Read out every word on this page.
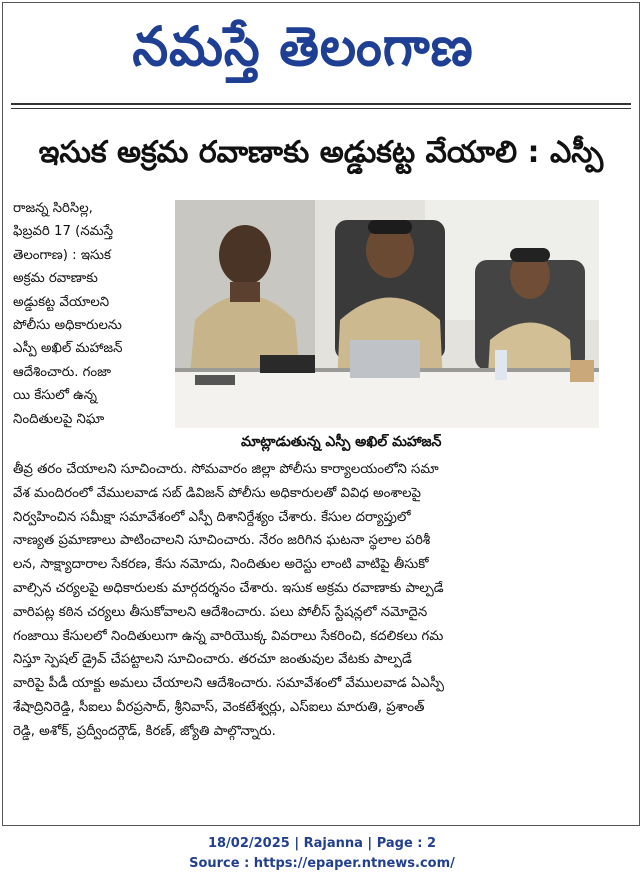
నమస్తే తెలంగాణ
ఇసుక అక్రమ రవాణాకు అడ్డుకట్ట వేయాలి : ఎస్పీ
రాజన్న సిరిసిల్ల,
ఫిబ్రవరి 17 (నమస్తే
తెలంగాణ) : ఇసుక
అక్రమ రవాణాకు
అడ్డుకట్ట వేయాలని
పోలీసు అధికారులను
ఎస్పీ అఖిల్ మహాజన్
ఆదేశించారు. గంజా
యి కేసులో ఉన్న
నిందితులపై నిఘా
మాట్లాడుతున్న ఎస్పీ అఖిల్ మహాజన్
తీవ్ర తరం చేయాలని సూచించారు. సోమవారం జిల్లా పోలీసు కార్యాలయంలోని సమా
వేశ మందిరంలో వేములవాడ సబ్ డివిజన్ పోలీసు అధికారులతో వివిధ అంశాలపై
నిర్వహించిన సమీక్షా సమావేశంలో ఎస్పీ దిశానిర్దేశ్యం చేశారు. కేసుల దర్యాప్తులో
నాణ్యత ప్రమాణాలు పాటించాలని సూచించారు. నేరం జరిగిన ఘటనా స్థలాల పరిశీ
లన, సాక్ష్యాదారాల సేకరణ, కేసు నమోదు, నిందితుల అరెస్టు లాంటి వాటిపై తీసుకో
వాల్సిన చర్యలపై అధికారులకు మార్గదర్శనం చేశారు. ఇసుక అక్రమ రవాణాకు పాల్పడే
వారిపట్ల కఠిన చర్యలు తీసుకోవాలని ఆదేశించారు. పలు పోలీస్ స్టేషన్లలో నమోదైన
గంజాయి కేసులలో నిందితులుగా ఉన్న వారియొక్క వివరాలు సేకరించి, కదలికలు గమ
నిస్తూ స్పెషల్ డ్రైవ్ చేపట్టాలని సూచించారు. తరచూ జంతువుల వేటకు పాల్పడే
వారిపై పీడీ యాక్టు అమలు చేయాలని ఆదేశించారు. సమావేశంలో వేములవాడ ఏఎస్పీ
శేషాద్రినిరెడ్డి, సీఐలు వీరప్రసాద్, శ్రీనివాస్, వెంకటేశ్వర్లు, ఎస్ఐలు మారుతి, ప్రశాంత్
రెడ్డి, అశోక్, ప్రద్వీందర్గౌడ్, కిరణ్, జ్యోతి పాల్గొన్నారు.
18/02/2025 | Rajanna | Page : 2
Source : https://epaper.ntnews.com/
